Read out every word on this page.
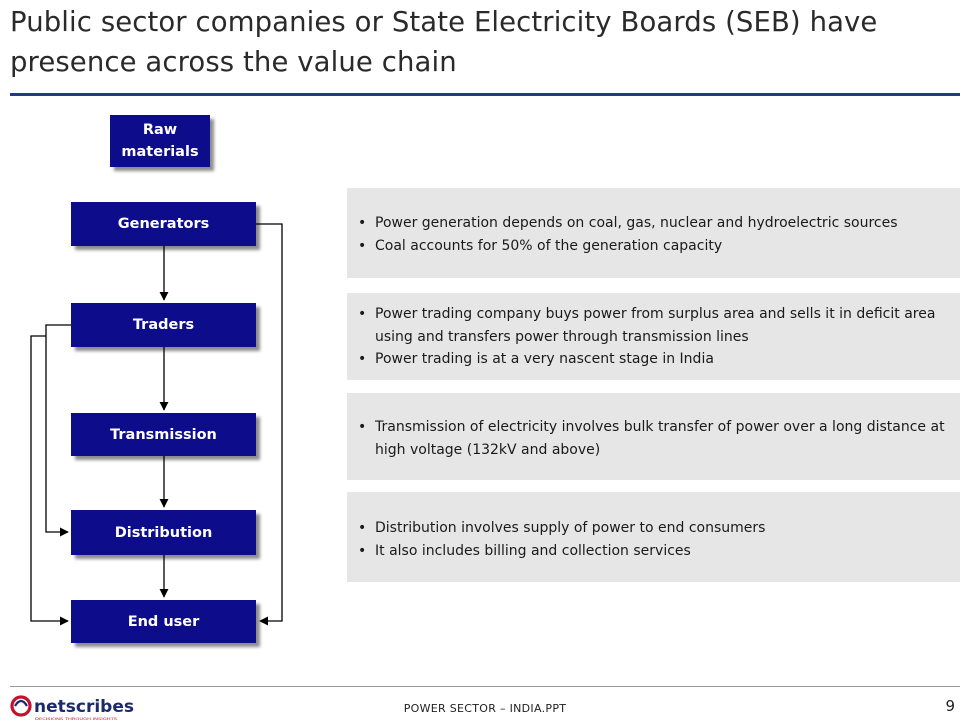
Public sector companies or State Electricity Boards (SEB) have presence across the value chain
Raw
materials
Generators
Traders
Transmission
Distribution
End user
• Power generation depends on coal, gas, nuclear and hydroelectric sources
• Coal accounts for 50% of the generation capacity
• Power trading company buys power from surplus area and sells it in deficit area using and transfers power through transmission lines
• Power trading is at a very nascent stage in India
• Transmission of electricity involves bulk transfer of power over a long distance at high voltage (132kV and above)
• Distribution involves supply of power to end consumers
• It also includes billing and collection services
netscribes
DECISIONS THROUGH INSIGHTS
POWER SECTOR – INDIA.PPT	9
